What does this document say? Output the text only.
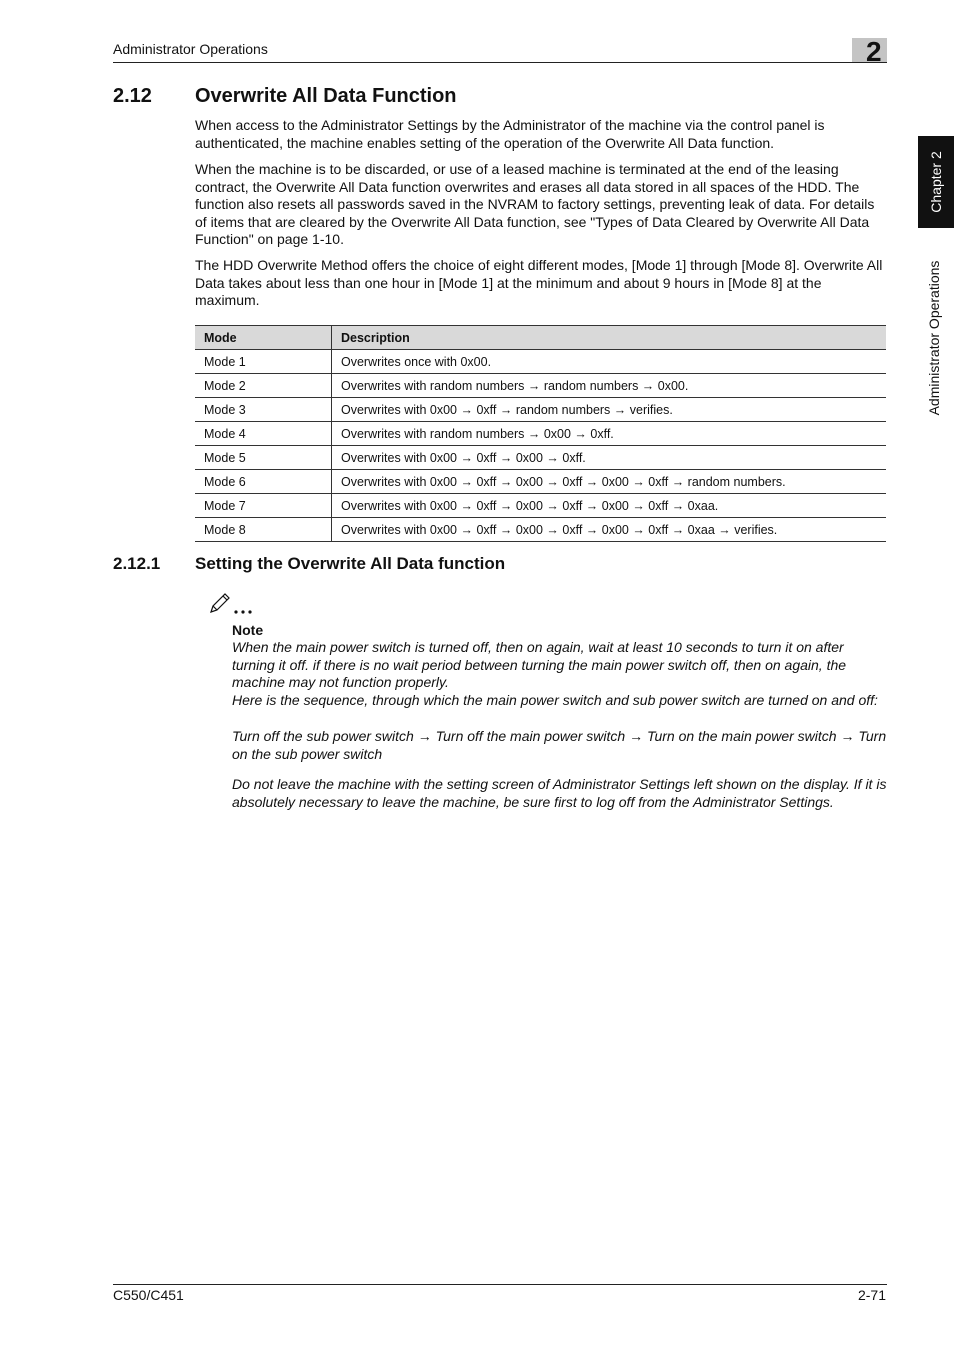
Administrator Operations	2
Chapter 2
Administrator Operations
2.12 Overwrite All Data Function

When access to the Administrator Settings by the Administrator of the machine via the control panel is authenticated, the machine enables setting of the operation of the Overwrite All Data function.

When the machine is to be discarded, or use of a leased machine is terminated at the end of the leasing contract, the Overwrite All Data function overwrites and erases all data stored in all spaces of the HDD. The function also resets all passwords saved in the NVRAM to factory settings, preventing leak of data. For details of items that are cleared by the Overwrite All Data function, see "Types of Data Cleared by Overwrite All Data Function" on page 1-10.

The HDD Overwrite Method offers the choice of eight different modes, [Mode 1] through [Mode 8]. Overwrite All Data takes about less than one hour in [Mode 1] at the minimum and about 9 hours in [Mode 8] at the maximum.

Mode	Description
Mode 1	Overwrites once with 0x00.
Mode 2	Overwrites with random numbers → random numbers → 0x00.
Mode 3	Overwrites with 0x00 → 0xff → random numbers → verifies.
Mode 4	Overwrites with random numbers → 0x00 → 0xff.
Mode 5	Overwrites with 0x00 → 0xff → 0x00 → 0xff.
Mode 6	Overwrites with 0x00 → 0xff → 0x00 → 0xff → 0x00 → 0xff → random numbers.
Mode 7	Overwrites with 0x00 → 0xff → 0x00 → 0xff → 0x00 → 0xff → 0xaa.
Mode 8	Overwrites with 0x00 → 0xff → 0x00 → 0xff → 0x00 → 0xff → 0xaa → verifies.
2.12.1 Setting the Overwrite All Data function
Note

When the main power switch is turned off, then on again, wait at least 10 seconds to turn it on after turning it off. if there is no wait period between turning the main power switch off, then on again, the machine may not function properly.

Here is the sequence, through which the main power switch and sub power switch are turned on and off:

Turn off the sub power switch → Turn off the main power switch → Turn on the main power switch → Turn on the sub power switch

Do not leave the machine with the setting screen of Administrator Settings left shown on the display. If it is absolutely necessary to leave the machine, be sure first to log off from the Administrator Settings.

C550/C451	2-71
